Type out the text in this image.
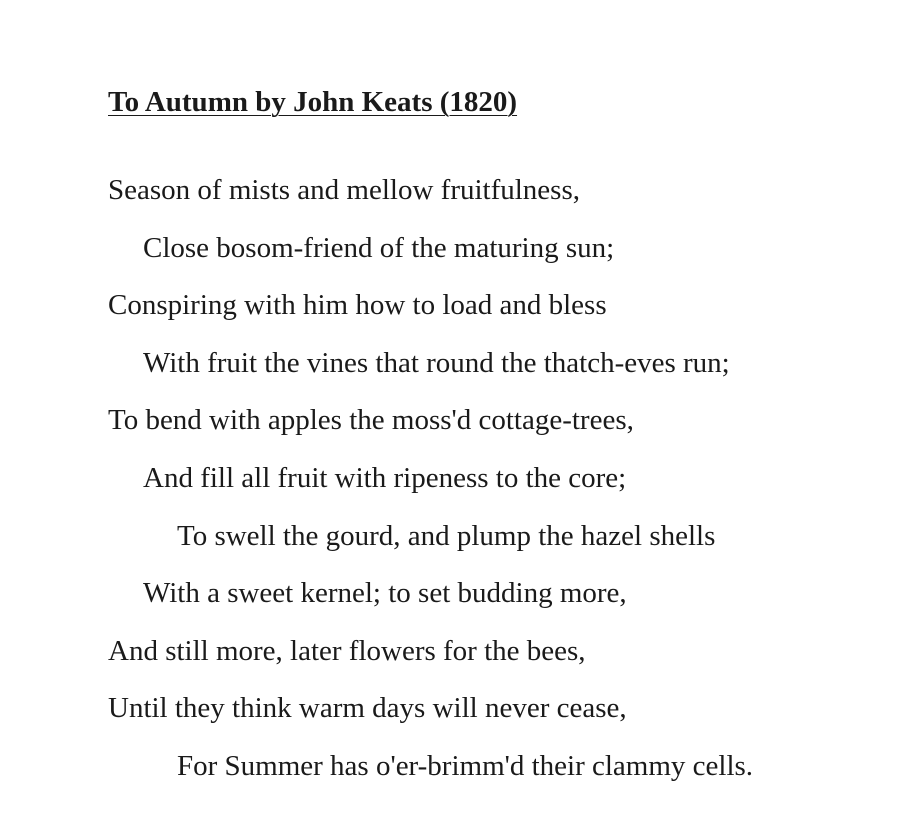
To Autumn by John Keats (1820)
Season of mists and mellow fruitfulness,
Close bosom-friend of the maturing sun;
Conspiring with him how to load and bless
With fruit the vines that round the thatch-eves run;
To bend with apples the moss'd cottage-trees,
And fill all fruit with ripeness to the core;
To swell the gourd, and plump the hazel shells
With a sweet kernel; to set budding more,
And still more, later flowers for the bees,
Until they think warm days will never cease,
For Summer has o'er-brimm'd their clammy cells.
